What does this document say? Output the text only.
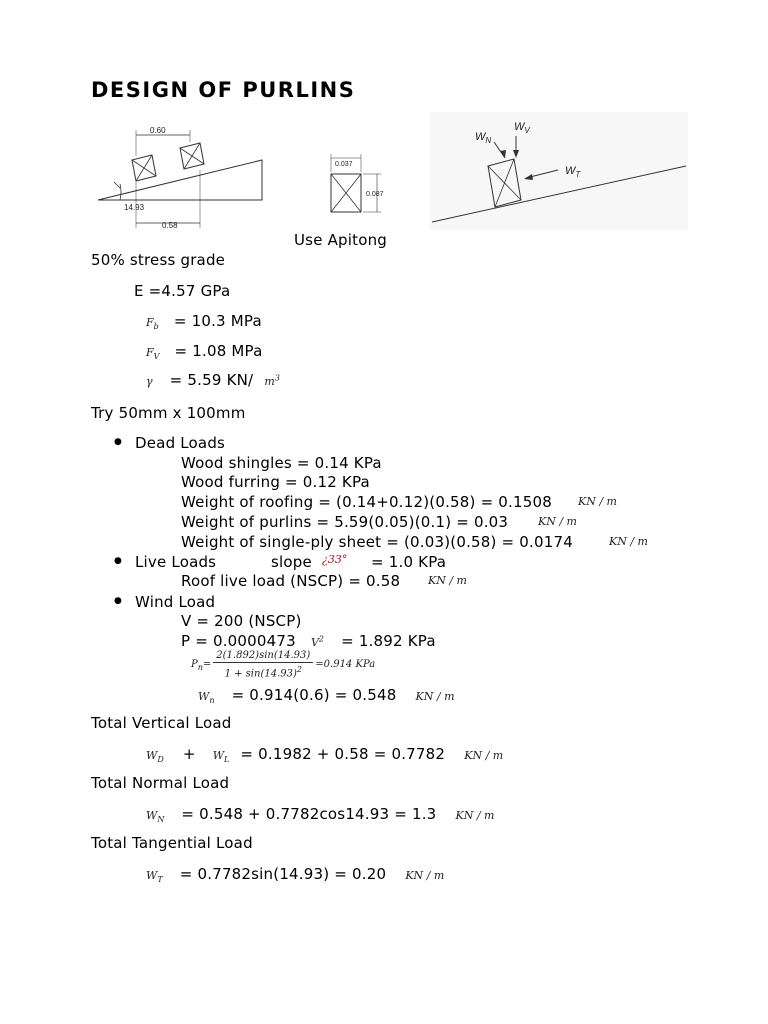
DESIGN OF PURLINS
0.60
14.93
0.58
0.037
0.087
$W_N$
$W_V$
$W_T$
Use Apitong
50% stress grade
E =4.57 GPa
$F_b = 10.3$ MPa
$F_V = 1.08$ MPa
γ = 5.59 KN/ $m^3$
Try 50mm x 100mm
● Dead Loads
Wood shingles = 0.14 KPa
Wood furring = 0.12 KPa
Weight of roofing = (0.14+0.12)(0.58) = 0.1508 KN / m
Weight of purlins = 5.59(0.05)(0.1) = 0.03	KN / m
Weight of single-ply sheet = (0.03)(0.58) = 0.0174	KN / m
● Live Loads	slope ¿33° = 1.0 KPa
Roof live load (NSCP) = 0.58	KN / m
● Wind Load
V = 200 (NSCP)
P = 0.0000473 $V^2 = 1.892$ KPa
$P_n= \frac{2(1.892)\sin(14.93)}{1 + \sin(14.93)^2} =0.914$ KPa
$W_n = 0.914(0.6) = 0.548$ KN / m
Total Vertical Load
$W_D + W_L = 0.1982 + 0.58 = 0.7782$ KN / m
Total Normal Load
$W_N = 0.548 + 0.7782\cos 14.93 = 1.3$ KN / m
Total Tangential Load
$W_T = 0.7782\sin(14.93) = 0.20$ KN / m
